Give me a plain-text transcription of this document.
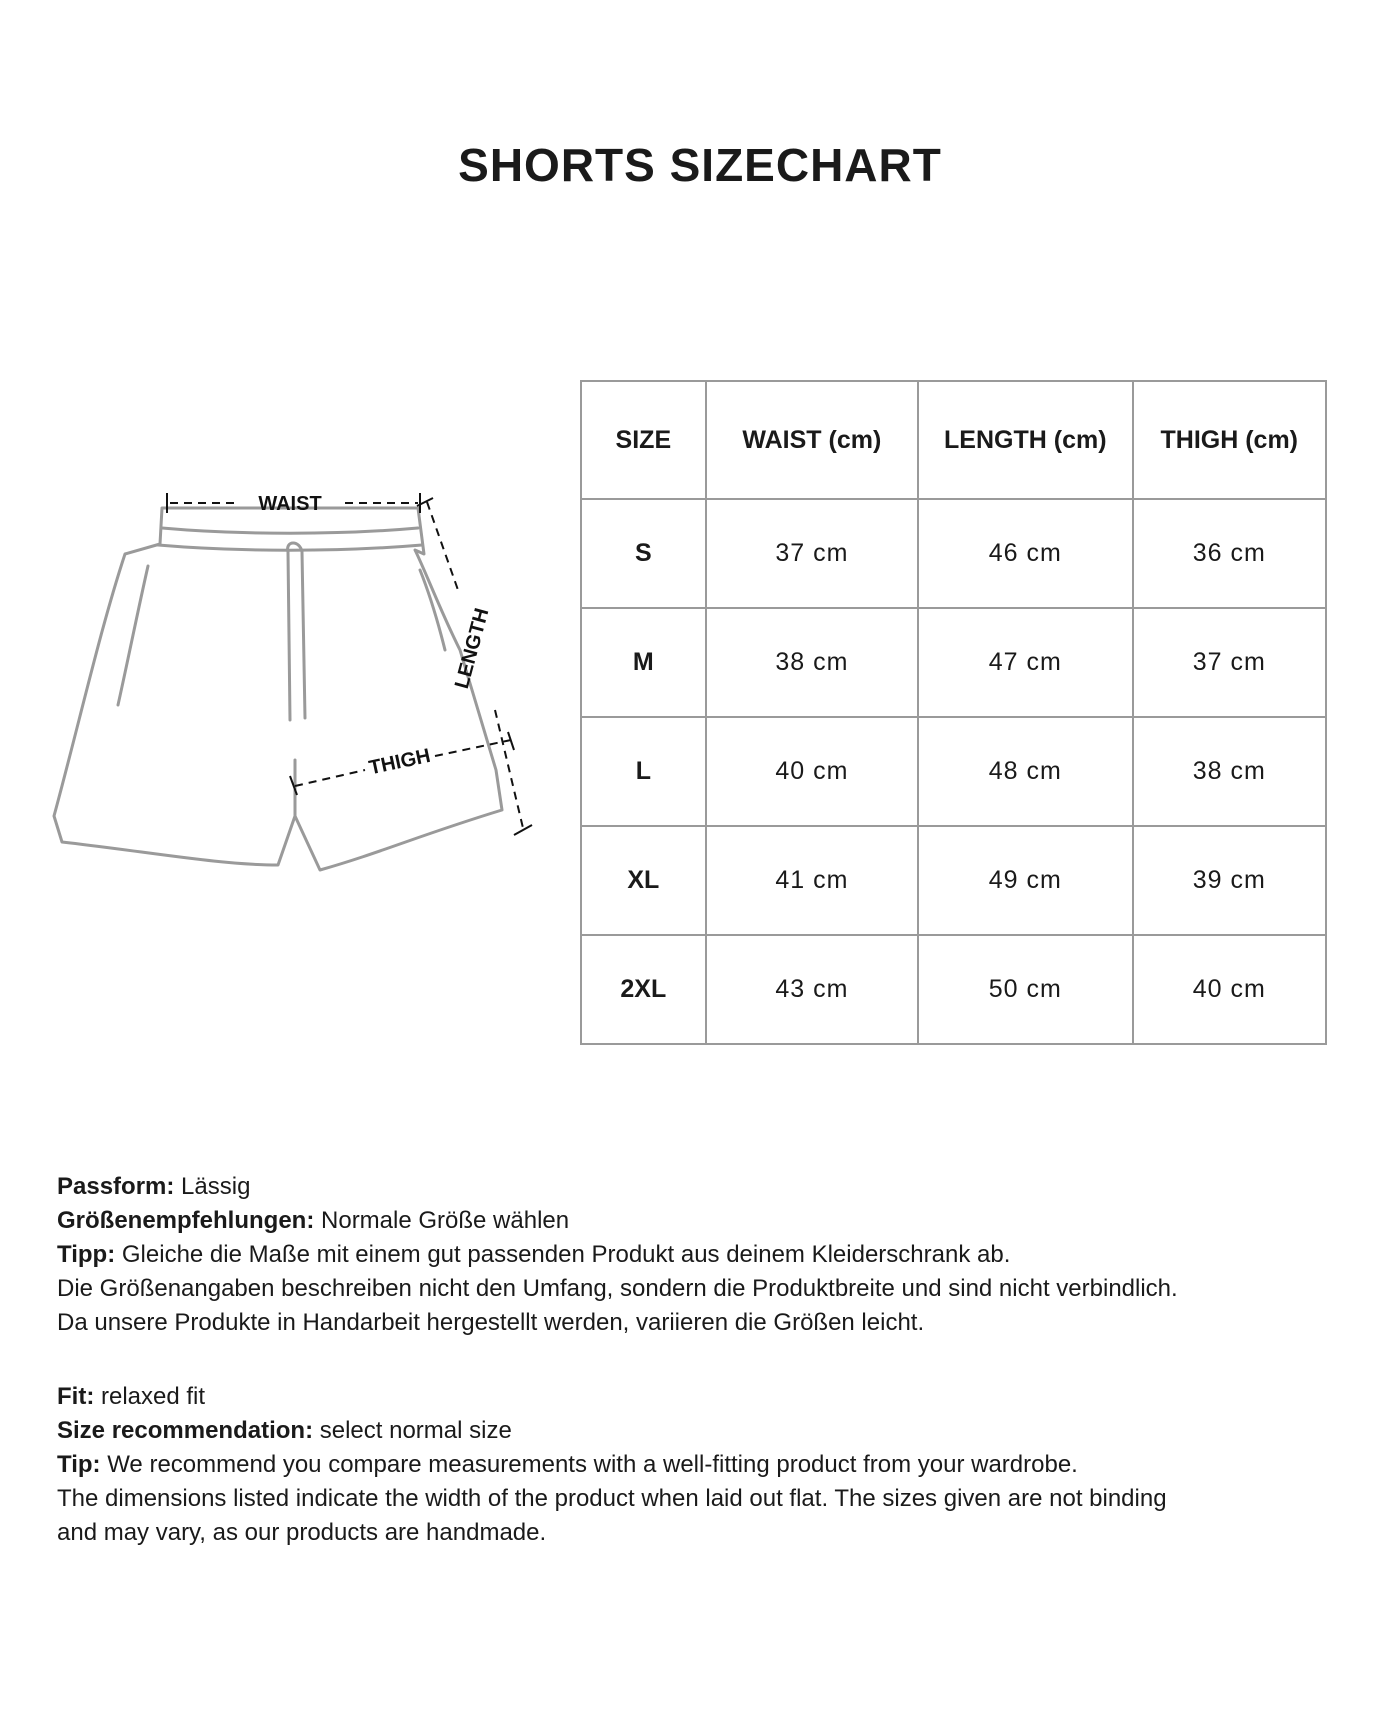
SHORTS SIZECHART
WAIST
LENGTH
THIGH
SIZE	WAIST (cm)	LENGTH (cm)	THIGH (cm)
S	37 cm	46 cm	36 cm
M	38 cm	47 cm	37 cm
L	40 cm	48 cm	38 cm
XL	41 cm	49 cm	39 cm
2XL	43 cm	50 cm	40 cm

Passform: Lässig

Größenempfehlungen: Normale Größe wählen

Tipp: Gleiche die Maße mit einem gut passenden Produkt aus deinem Kleiderschrank ab.

Die Größenangaben beschreiben nicht den Umfang, sondern die Produktbreite und sind nicht verbindlich.

Da unsere Produkte in Handarbeit hergestellt werden, variieren die Größen leicht.

Fit: relaxed fit

Size recommendation: select normal size

Tip: We recommend you compare measurements with a well-fitting product from your wardrobe.

The dimensions listed indicate the width of the product when laid out flat. The sizes given are not binding

and may vary, as our products are handmade.
